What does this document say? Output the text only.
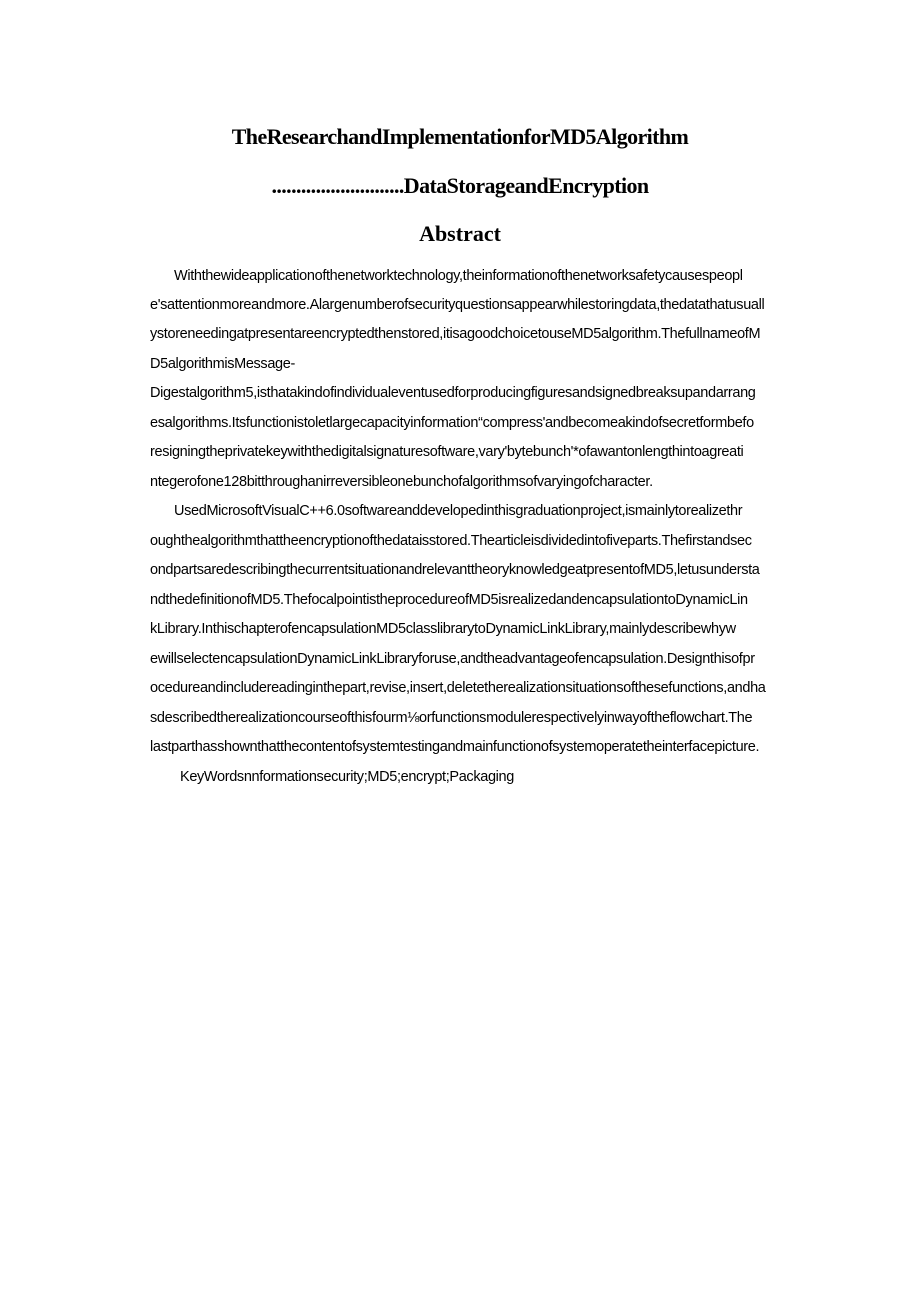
TheResearchandImplementationforMD5Algorithm
...........................DataStorageandEncryption
Abstract
Withthewideapplicationofthenetworktechnology,theinformationofthenetworksafetycausespeopl
e'sattentionmoreandmore.Alargenumberofsecurityquestionsappearwhilestoringdata,thedatathatusuall
ystoreneedingatpresentareencryptedthenstored,itisagoodchoicetouseMD5algorithm.ThefullnameofM
D5algorithmisMessage-
Digestalgorithm5,isthatakindofindividualeventusedforproducingfiguresandsignedbreaksupandarrang
esalgorithms.Itsfunctionistoletlargecapacityinformation“compress'andbecomeakindofsecretformbefo
resigningtheprivatekeywiththedigitalsignaturesoftware,vary'bytebunch'*ofawantonlengthintoagreati
ntegerofone128bitthroughanirreversibleonebunchofalgorithmsofvaryingofcharacter.
UsedMicrosoftVisualC++6.0softwareanddevelopedinthisgraduationproject,ismainlytorealizethr
oughthealgorithmthattheencryptionofthedataisstored.Thearticleisdividedintofiveparts.Thefirstandsec
ondpartsaredescribingthecurrentsituationandrelevanttheoryknowledgeatpresentofMD5,letusundersta
ndthedefinitionofMD5.ThefocalpointistheprocedureofMD5isrealizedandencapsulationtoDynamicLin
kLibrary.InthischapterofencapsulationMD5classlibrarytoDynamicLinkLibrary,mainlydescribewhyw
ewillselectencapsulationDynamicLinkLibraryforuse,andtheadvantageofencapsulation.Designthisofpr
ocedureandincludereadinginthepart,revise,insert,deletetherealizationsituationsofthesefunctions,andha
sdescribedtherealizationcourseofthisfourm⅛orfunctionsmodulerespectivelyinwayoftheflowchart.The
lastparthasshownthatthecontentofsystemtestingandmainfunctionofsystemoperatetheinterfacepicture.
KeyWordsnnformationsecurity;MD5;encrypt;Packaging
